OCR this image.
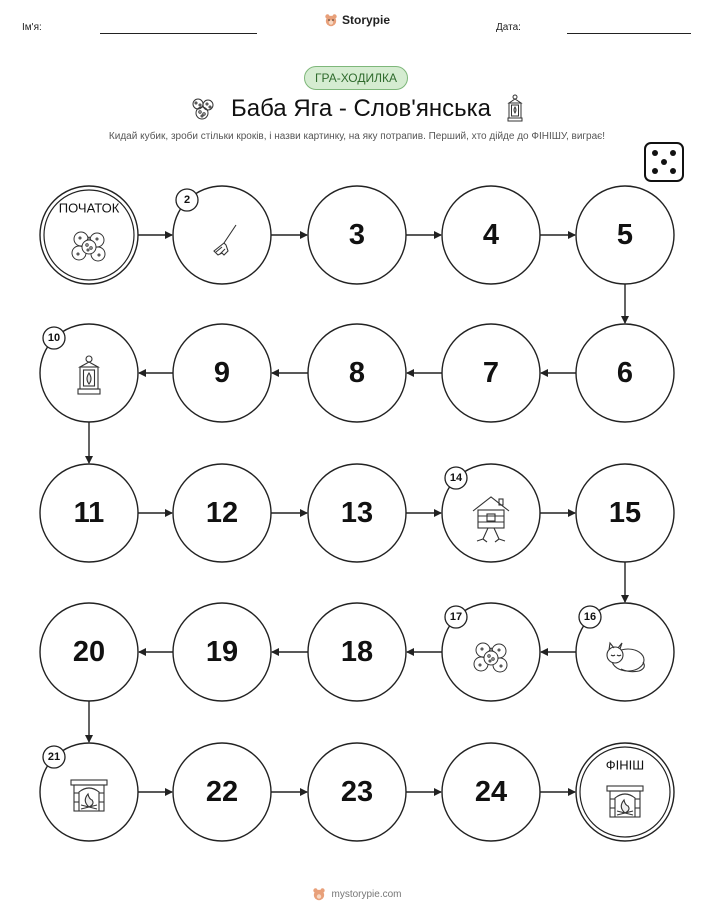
Ім'я:
Storypie
Дата:
ГРА-ХОДИЛКА
Баба Яга - Слов'янська
Кидай кубик, зроби стільки кроків, і назви картинку, на яку потрапив. Перший, хто дійде до ФІНІШУ, виграє!
ПОЧАТОК
2
3	4	5
6
7
8
9
10
11	12	13
14
15
16
17
18
19
20
21
22	23	24
ФІНІШ
mystorypie.com
